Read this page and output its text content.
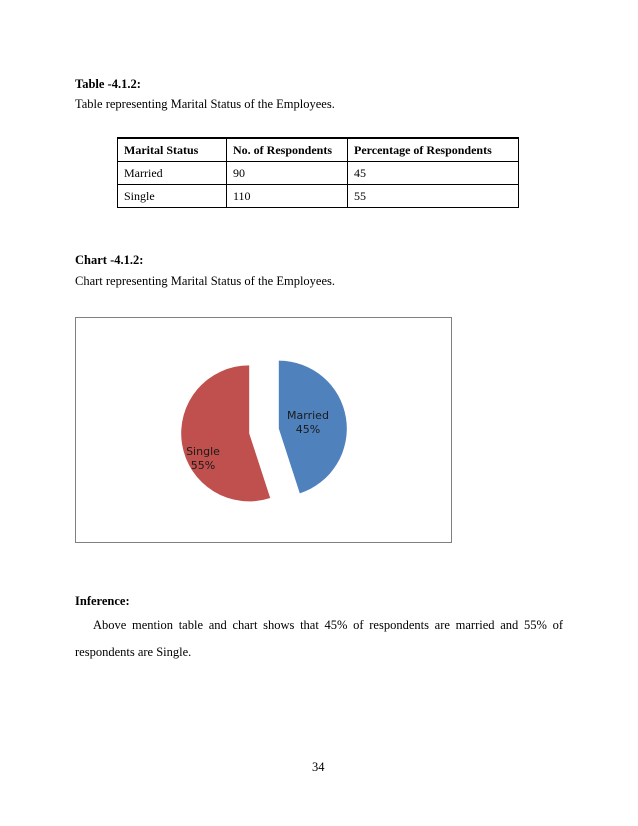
Table -4.1.2:
Table representing Marital Status of the Employees.
Marital Status	No. of Respondents	Percentage of Respondents
Married	90	45
Single	110	55
Chart -4.1.2:
Chart representing Marital Status of the Employees.
Married 45%
Single 55%
Inference:
Above mention table and chart shows that 45% of respondents are married and 55% of
respondents are Single.
34
